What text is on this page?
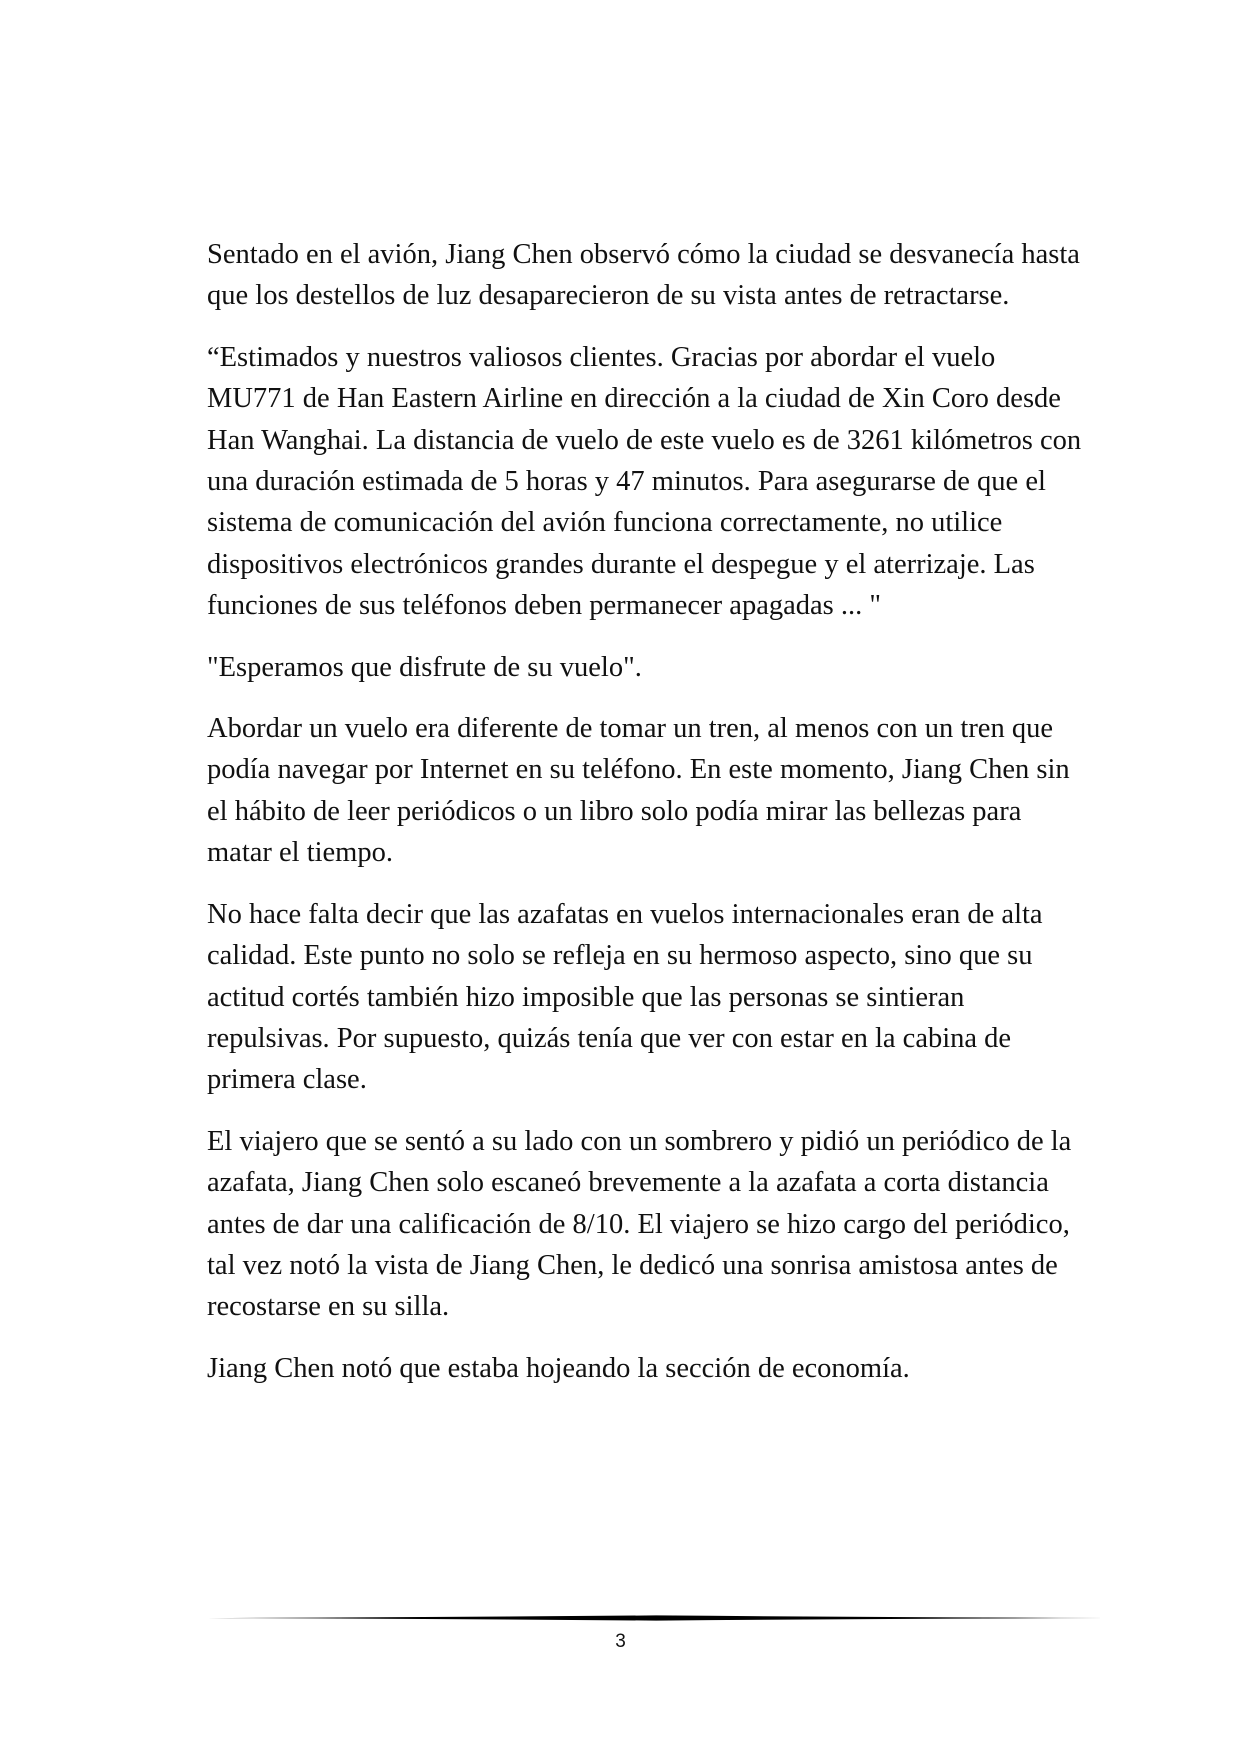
Sentado en el avión, Jiang Chen observó cómo la ciudad se desvanecía hasta que los destellos de luz desaparecieron de su vista antes de retractarse.

“Estimados y nuestros valiosos clientes. Gracias por abordar el vuelo MU771 de Han Eastern Airline en dirección a la ciudad de Xin Coro desde Han Wanghai. La distancia de vuelo de este vuelo es de 3261 kilómetros con una duración estimada de 5 horas y 47 minutos. Para asegurarse de que el sistema de comunicación del avión funciona correctamente, no utilice dispositivos electrónicos grandes durante el despegue y el aterrizaje. Las funciones de sus teléfonos deben permanecer apagadas ... "

"Esperamos que disfrute de su vuelo".

Abordar un vuelo era diferente de tomar un tren, al menos con un tren que podía navegar por Internet en su teléfono. En este momento, Jiang Chen sin el hábito de leer periódicos o un libro solo podía mirar las bellezas para matar el tiempo.

No hace falta decir que las azafatas en vuelos internacionales eran de alta calidad. Este punto no solo se refleja en su hermoso aspecto, sino que su actitud cortés también hizo imposible que las personas se sintieran repulsivas. Por supuesto, quizás tenía que ver con estar en la cabina de primera clase.

El viajero que se sentó a su lado con un sombrero y pidió un periódico de la azafata, Jiang Chen solo escaneó brevemente a la azafata a corta distancia antes de dar una calificación de 8/10. El viajero se hizo cargo del periódico, tal vez notó la vista de Jiang Chen, le dedicó una sonrisa amistosa antes de recostarse en su silla.

Jiang Chen notó que estaba hojeando la sección de economía.

3
